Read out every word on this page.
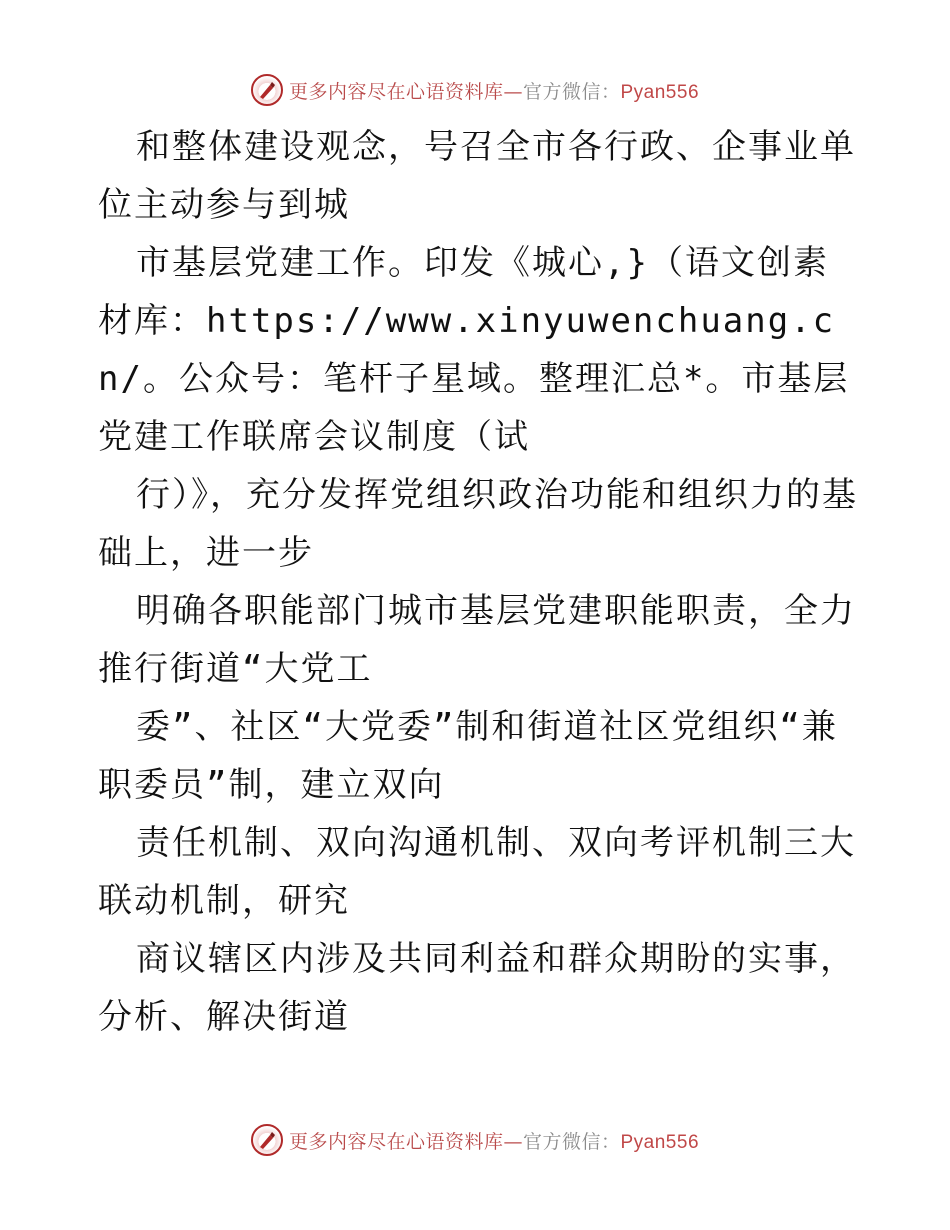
更多内容尽在心语资料库—官方微信：Pyan556

和整体建设观念，号召全市各行政、企事业单位主动参与到城

市基层党建工作。印发《城心,}（语文创素材库：https://www.xinyuwenchuang.cn/。公众号：笔杆子星域。整理汇总*。市基层党建工作联席会议制度（试

行）》，充分发挥党组织政治功能和组织力的基础上，进一步

明确各职能部门城市基层党建职能职责，全力推行街道“大党工

委”、社区“大党委”制和街道社区党组织“兼职委员”制，建立双向

责任机制、双向沟通机制、双向考评机制三大联动机制，研究

商议辖区内涉及共同利益和群众期盼的实事，分析、解决街道

更多内容尽在心语资料库—官方微信：Pyan556
